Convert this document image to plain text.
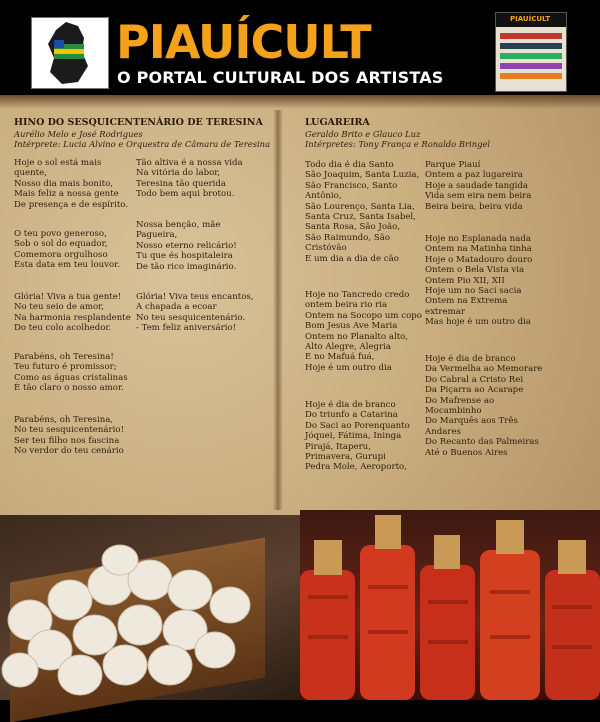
PIAUÍCULT
O PORTAL CULTURAL DOS ARTISTAS
PIAUÍCULT
HINO DO SESQUICENTENÁRIO DE TERESINA
Aurélio Melo e José Rodrigues
Intérprete: Lucia Alvino e Orquestra de Câmara de Teresina
Hoje o sol está mais
quente,
Nosso dia mais bonito,
Mais feliz a nossa gente
De presença e de espírito.
O teu povo generoso,
Sob o sol do equador,
Comemora orgulhoso
Esta data em teu louvor.
Glória! Viva a tua gente!
No teu seio de amor,
Na harmonia resplandente
Do teu colo acolhedor.
Parabéns, oh Teresina!
Teu futuro é promissor;
Como as águas cristalinas
É tão claro o nosso amor.
Parabéns, oh Teresina,
No teu sesquicentenário!
Ser teu filho nos fascina
No verdor do teu cenário
Tão altiva é a nossa vida
Na vitória do labor,
Teresina tão querida
Todo bem aqui brotou.
Nossa benção, mãe
Pagueira,
Nosso eterno relicário!
Tu que és hospitaleira
De tão rico imaginário.
Glória! Viva teus encantos,
A chapada a ecoar
No teu sesquicentenário.
- Tem feliz aniversário!
LUGAREIRA
Geraldo Brito e Glauco Luz
Intérpretes: Tony França e Ronaldo Bringel
Todo dia é dia Santo
São Joaquim, Santa Luzia,
São Francisco, Santo
Antônio,
São Lourenço, Santa Lia,
Santa Cruz, Santa Isabel,
Santa Rosa, São João,
São Raimundo, São
Cristóvão
E um dia a dia de cão
Hoje no Tancredo credo
ontem beira rio ria
Ontem na Socopo um copo
Bom Jesus Ave Maria
Ontem no Planalto alto,
Alto Alegre, Alegria
E no Mafuá fuá,
Hoje é um outro dia
Hoje é dia de branco
Do triunfo a Catarina
Do Saci ao Porenquanto
Jóquei, Fátima, Ininga
Pirajá, Itaperu,
Primavera, Gurupi
Pedra Mole, Aeroporto,
Parque Piauí
Ontem a paz lugareira
Hoje a saudade tangida
Vida sem eira nem beira
Beira beira, beira vida
Hoje no Esplanada nada
Ontem na Matinha tinha
Hoje o Matadouro douro
Ontem o Bela Vista via
Ontem Pio XII, XII
Hoje um no Saci sacia
Ontem na Extrema
extremar
Mas hoje é um outro dia
Hoje é dia de branco
Da Vermelha ao Memorare
Do Cabral a Cristo Rei
Da Piçarra ao Acarape
Do Mafrense ao
Mocambinho
Do Marquês aos Três
Andares
Do Recanto das Palmeiras
Até o Buenos Aires
